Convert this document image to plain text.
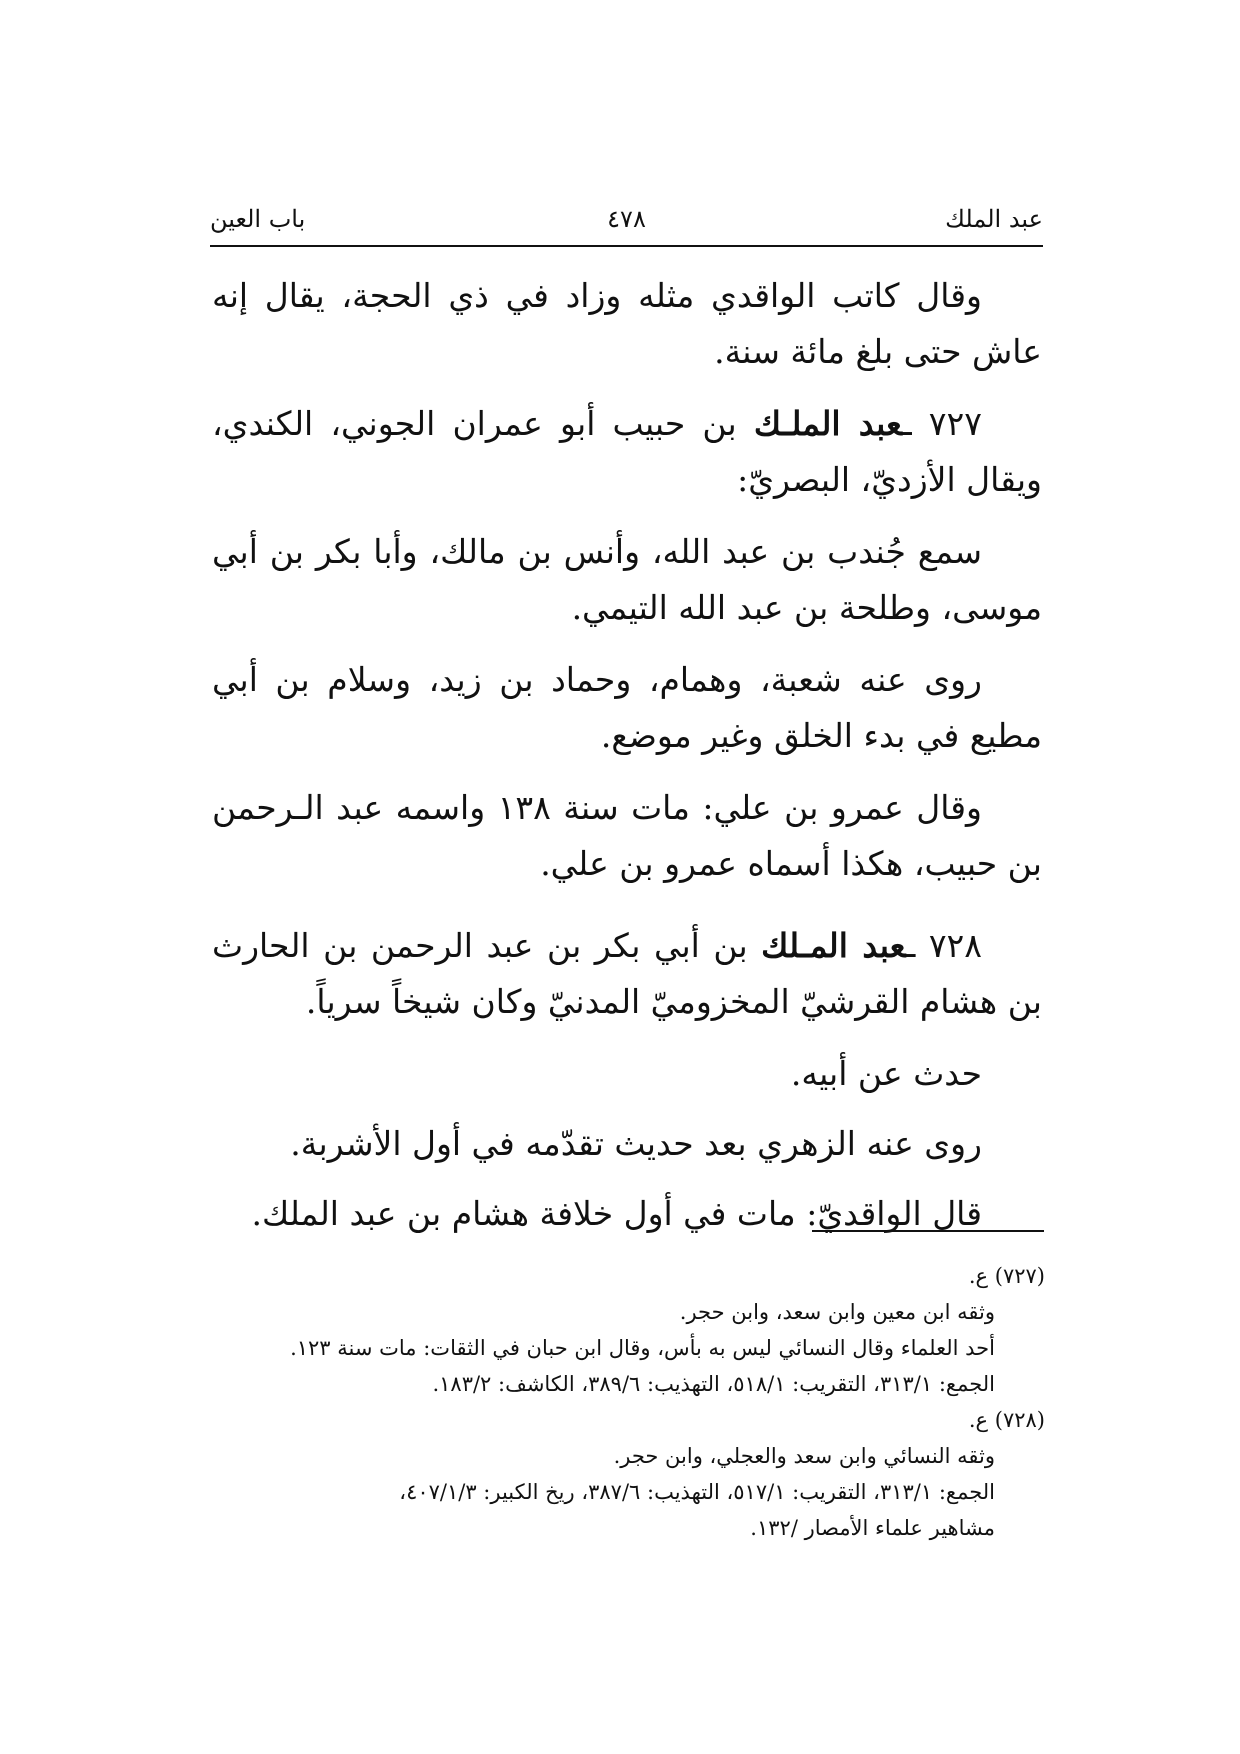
عبد الملك
٤٧٨
باب العين

وقال كاتب الواقدي مثله وزاد في ذي الحجة، يقال إنه عاش حتى بلغ مائة سنة.

٧٢٧ ـعبد الملـك بن حبيب أبو عمران الجوني، الكندي، ويقال الأزديّ، البصريّ:

سمع جُندب بن عبد الله، وأنس بن مالك، وأبا بكر بن أبي موسى، وطلحة بن عبد الله التيمي.

روى عنه شعبة، وهمام، وحماد بن زيد، وسلام بن أبي مطيع في بدء الخلق وغير موضع.

وقال عمرو بن علي: مات سنة ١٣٨ واسمه عبد الـرحمن بن حبيب، هكذا أسماه عمرو بن علي.

٧٢٨ ـعبد المـلك بن أبي بكر بن عبد الرحمن بن الحارث بن هشام القرشيّ المخزوميّ المدنيّ وكان شيخاً سرياً.

حدث عن أبيه.

روى عنه الزهري بعد حديث تقدّمه في أول الأشربة.

قال الواقديّ: مات في أول خلافة هشام بن عبد الملك.

(٧٢٧) ع.

وثقه ابن معين وابن سعد، وابن حجر.

أحد العلماء وقال النسائي ليس به بأس، وقال ابن حبان في الثقات: مات سنة ١٢٣.

الجمع: ٣١٣/١، التقريب: ٥١٨/١، التهذيب: ٣٨٩/٦، الكاشف: ١٨٣/٢.

(٧٢٨) ع.

وثقه النسائي وابن سعد والعجلي، وابن حجر.

الجمع: ٣١٣/١، التقريب: ٥١٧/١، التهذيب: ٣٨٧/٦، ريخ الكبير: ٤٠٧/١/٣،

مشاهير علماء الأمصار /١٣٢.
